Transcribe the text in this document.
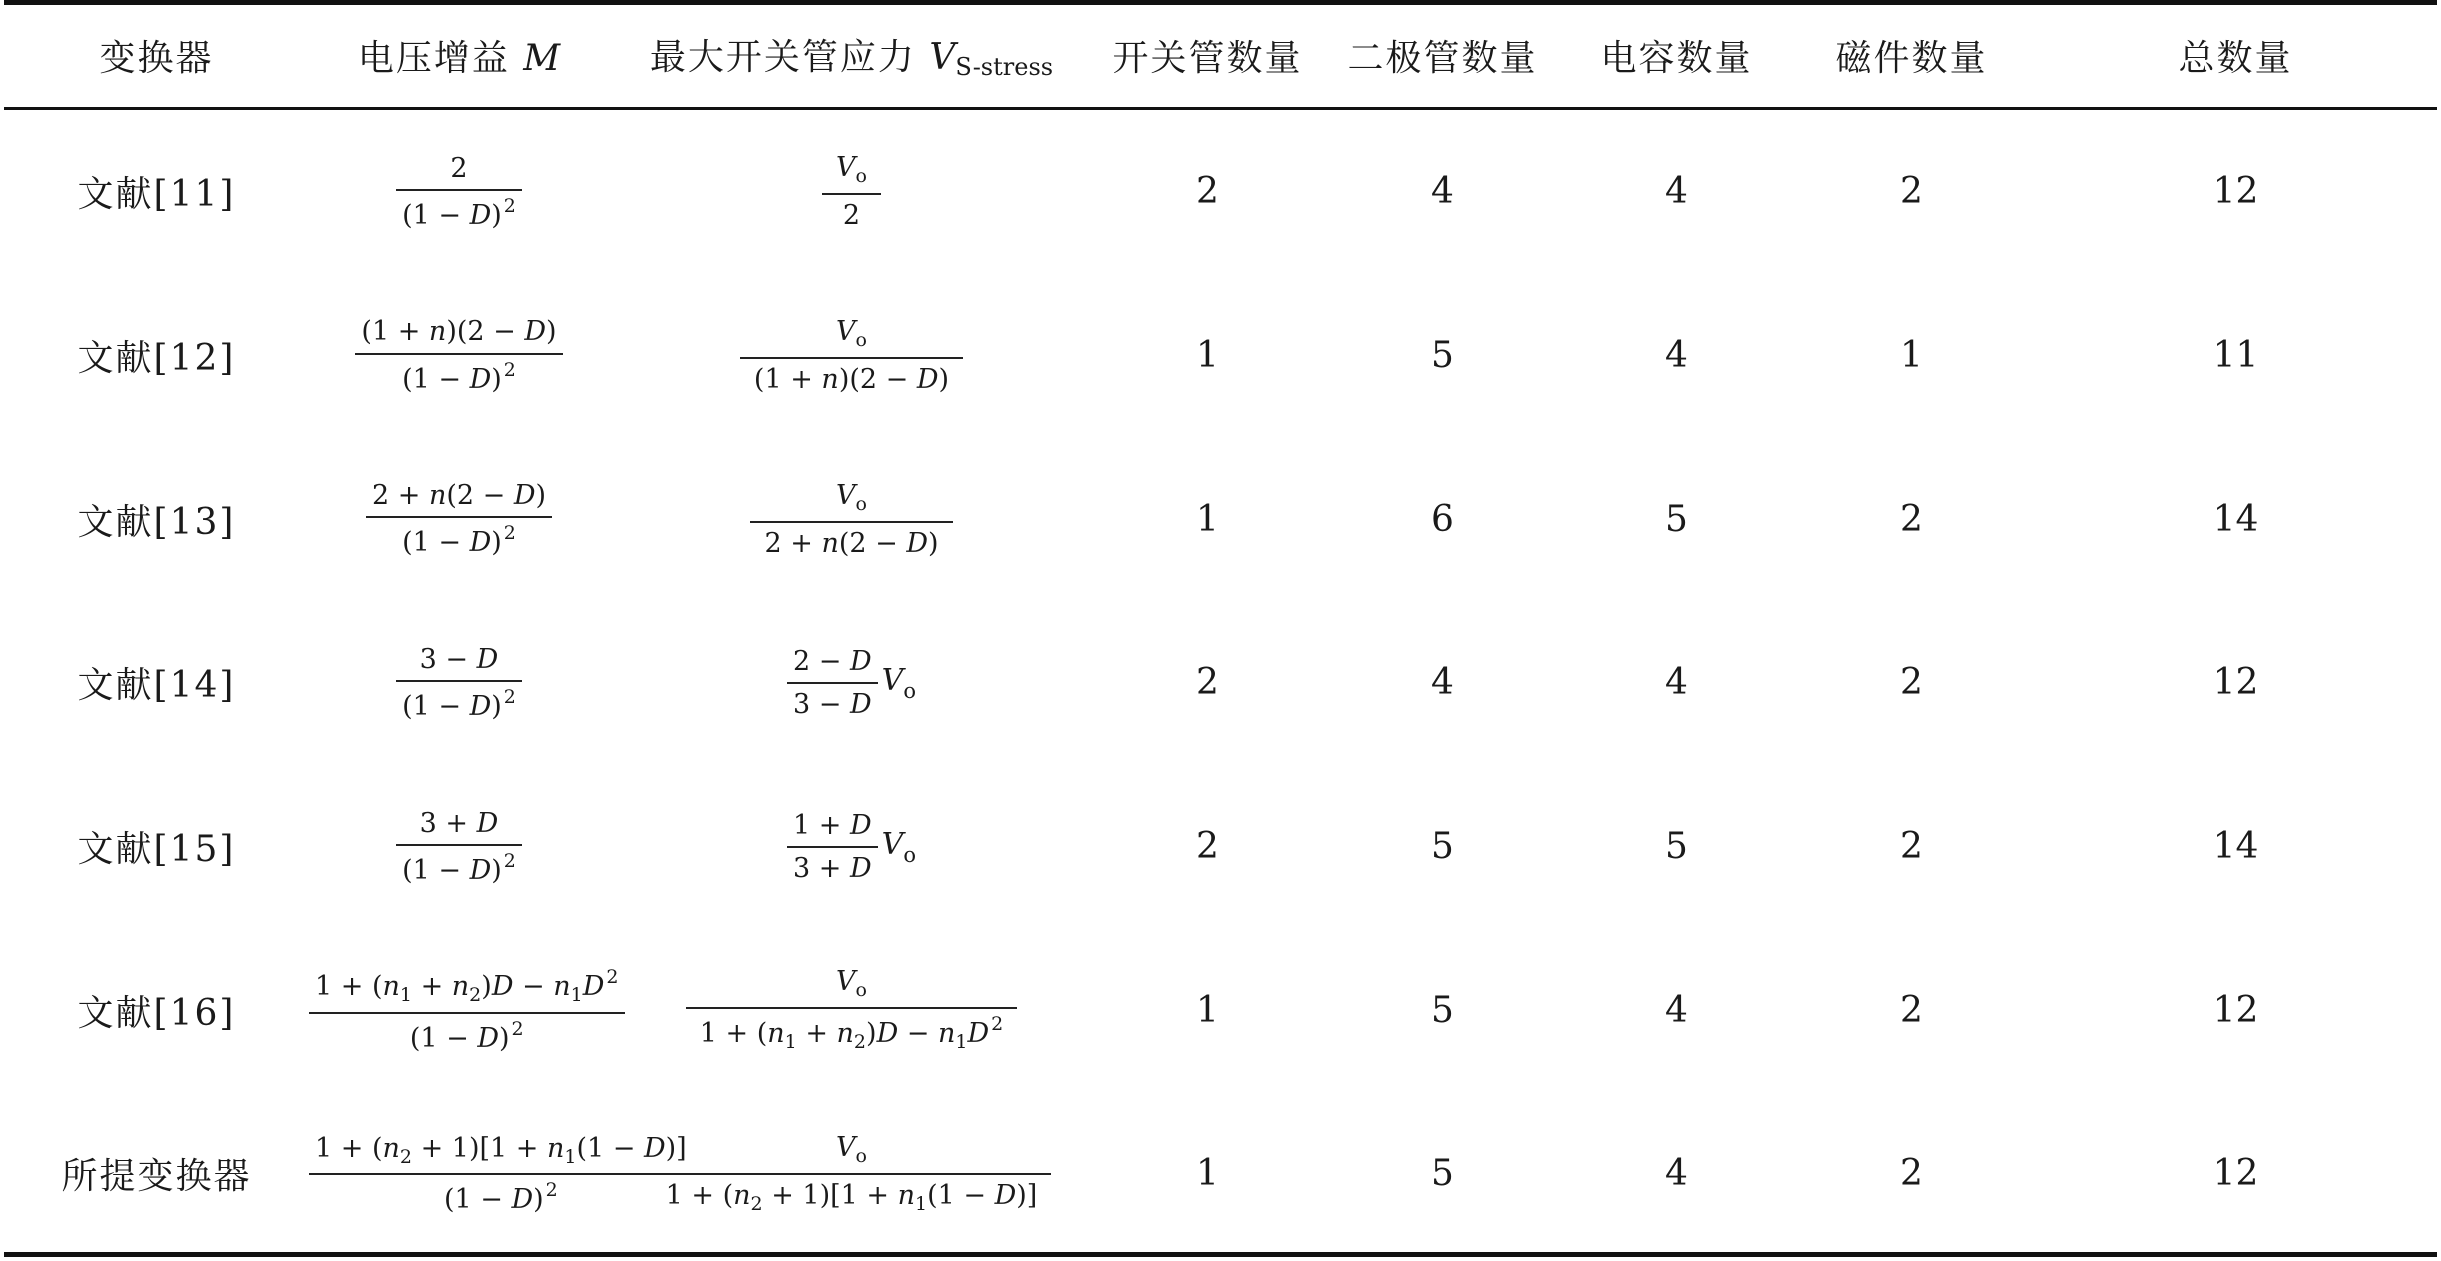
变换器	电压增益 M	最大开关管应力 $V_{S-stress}$	开关管数量	二极管数量	电容数量	磁件数量	总数量
文献[11]	$\frac{2}{(1 - D) ^2}$	$\frac{V_o}{2}$	2	4	4	2	12
文献[12]	$\frac{(1 + n)(2 - D)}{(1 - D) ^2}$	$\frac{V_o}{(1 + n)(2 - D)}$	1	5	4	1	11
文献[13]	$\frac{2 + n(2 - D)}{(1 - D) ^2}$	$\frac{V_o}{2 + n(2 - D)}$	1	6	5	2	14
文献[14]	$\frac{3 - D}{(1 - D) ^2}$	$\frac{2 - D}{3 - D} V_o$	2	4	4	2	12
文献[15]	$\frac{3 + D}{(1 - D) ^2}$	$\frac{1 + D}{3 + D} V_o$	2	5	5	2	14
文献[16]	$\frac{1 + (n_1 + n_2)D - n_1D ^2}{(1 - D) ^2}$	$\frac{V_o}{1 + (n_1 + n_2)D - n_1D ^2}$	1	5	4	2	12
所提变换器	$\frac{1 + (n_2 + 1)[1 + n_1(1 - D)]}{(1 - D) ^2}$	$\frac{V_o}{1 + (n_2 + 1)[1 + n_1(1 - D)]}$	1	5	4	2	12
